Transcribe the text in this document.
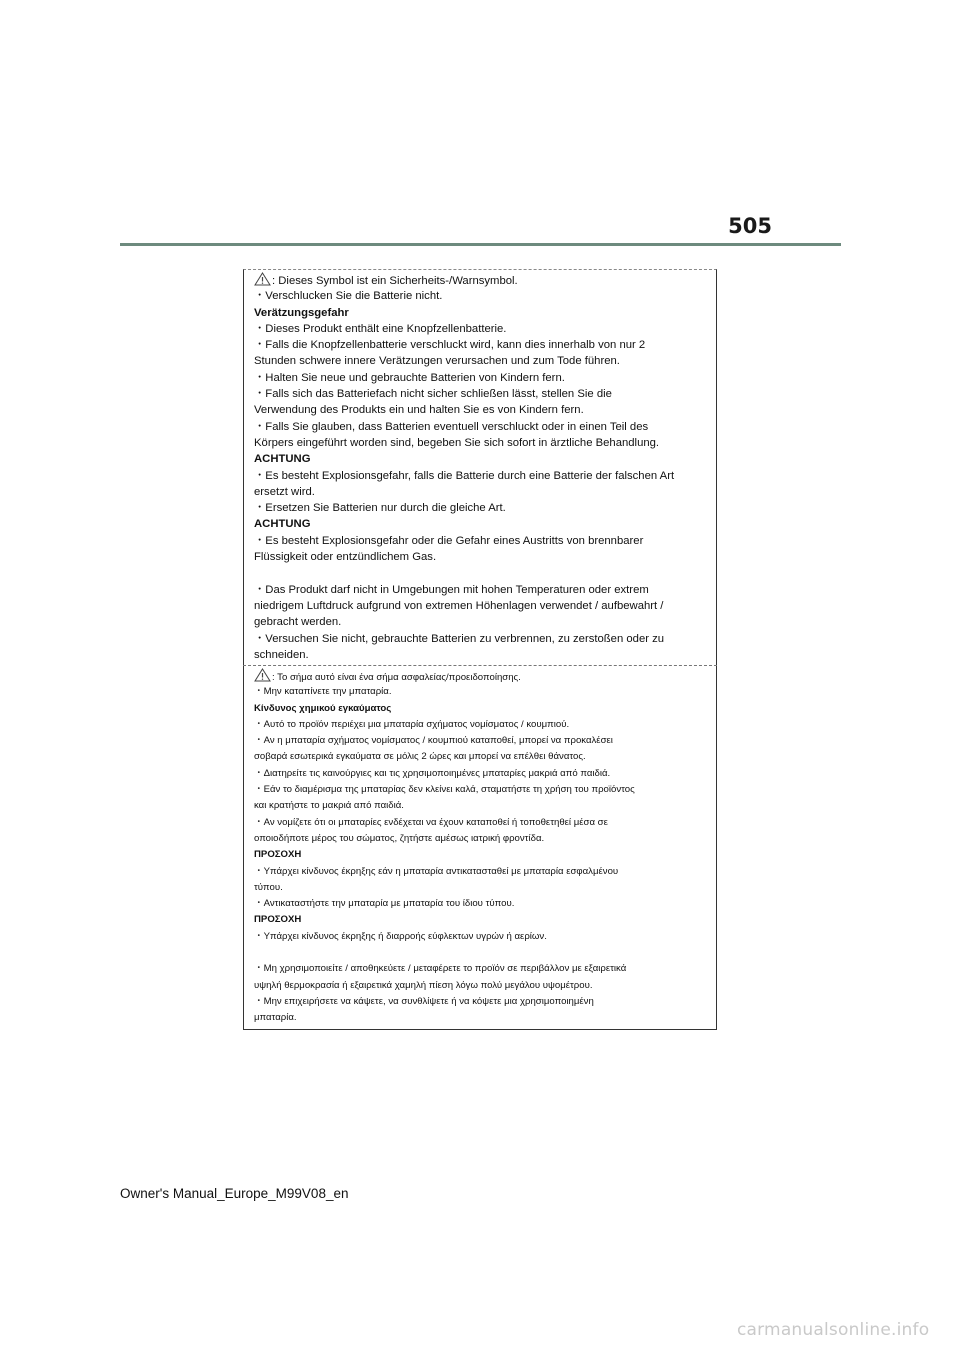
505
: Dieses Symbol ist ein Sicherheits-/Warnsymbol.
・Verschlucken Sie die Batterie nicht.
Verätzungsgefahr
・Dieses Produkt enthält eine Knopfzellenbatterie.
・Falls die Knopfzellenbatterie verschluckt wird, kann dies innerhalb von nur 2
Stunden schwere innere Verätzungen verursachen und zum Tode führen.
・Halten Sie neue und gebrauchte Batterien von Kindern fern.
・Falls sich das Batteriefach nicht sicher schließen lässt, stellen Sie die
Verwendung des Produkts ein und halten Sie es von Kindern fern.
・Falls Sie glauben, dass Batterien eventuell verschluckt oder in einen Teil des
Körpers eingeführt worden sind, begeben Sie sich sofort in ärztliche Behandlung.
ACHTUNG
・Es besteht Explosionsgefahr, falls die Batterie durch eine Batterie der falschen Art
ersetzt wird.
・Ersetzen Sie Batterien nur durch die gleiche Art.
ACHTUNG
・Es besteht Explosionsgefahr oder die Gefahr eines Austritts von brennbarer
Flüssigkeit oder entzündlichem Gas.
・Das Produkt darf nicht in Umgebungen mit hohen Temperaturen oder extrem
niedrigem Luftdruck aufgrund von extremen Höhenlagen verwendet / aufbewahrt /
gebracht werden.
・Versuchen Sie nicht, gebrauchte Batterien zu verbrennen, zu zerstoßen oder zu
schneiden.
: Το σήμα αυτό είναι ένα σήμα ασφαλείας/προειδοποίησης.
・Μην καταπίνετε την μπαταρία.
Κίνδυνος χημικού εγκαύματος
・Αυτό το προϊόν περιέχει μια μπαταρία σχήματος νομίσματος / κουμπιού.
・Αν η μπαταρία σχήματος νομίσματος / κουμπιού καταποθεί, μπορεί να προκαλέσει
σοβαρά εσωτερικά εγκαύματα σε μόλις 2 ώρες και μπορεί να επέλθει θάνατος.
・Διατηρείτε τις καινούργιες και τις χρησιμοποιημένες μπαταρίες μακριά από παιδιά.
・Εάν το διαμέρισμα της μπαταρίας δεν κλείνει καλά, σταματήστε τη χρήση του προϊόντος
και κρατήστε το μακριά από παιδιά.
・Αν νομίζετε ότι οι μπαταρίες ενδέχεται να έχουν καταποθεί ή τοποθετηθεί μέσα σε
οποιοδήποτε μέρος του σώματος, ζητήστε αμέσως ιατρική φροντίδα.
ΠΡΟΣΟΧΗ
・Υπάρχει κίνδυνος έκρηξης εάν η μπαταρία αντικατασταθεί με μπαταρία εσφαλμένου
τύπου.
・Αντικαταστήστε την μπαταρία με μπαταρία του ίδιου τύπου.
ΠΡΟΣΟΧΗ
・Υπάρχει κίνδυνος έκρηξης ή διαρροής εύφλεκτων υγρών ή αερίων.
・Μη χρησιμοποιείτε / αποθηκεύετε / μεταφέρετε το προϊόν σε περιβάλλον με εξαιρετικά
υψηλή θερμοκρασία ή εξαιρετικά χαμηλή πίεση λόγω πολύ μεγάλου υψομέτρου.
・Μην επιχειρήσετε να κάψετε, να συνθλίψετε ή να κόψετε μια χρησιμοποιημένη
μπαταρία.
Owner's Manual_Europe_M99V08_en
carmanualsonline.info
